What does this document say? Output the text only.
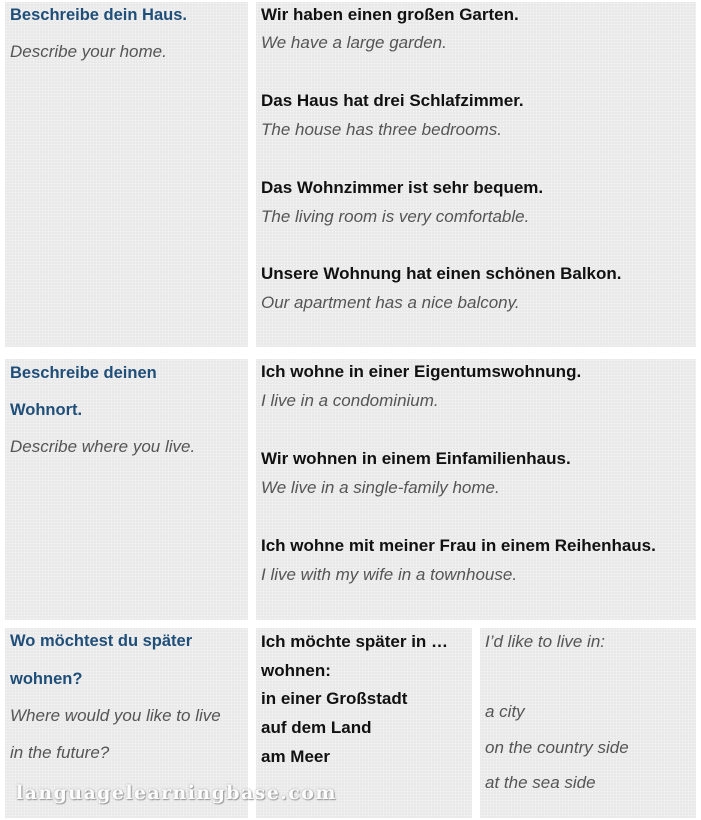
Beschreibe dein Haus.
Describe your home.
Wir haben einen großen Garten.
We have a large garden.
Das Haus hat drei Schlafzimmer.
The house has three bedrooms.
Das Wohnzimmer ist sehr bequem.
The living room is very comfortable.
Unsere Wohnung hat einen schönen Balkon.
Our apartment has a nice balcony.
Beschreibe deinen
Wohnort.
Describe where you live.
Ich wohne in einer Eigentumswohnung.
I live in a condominium.
Wir wohnen in einem Einfamilienhaus.
We live in a single-family home.
Ich wohne mit meiner Frau in einem Reihenhaus.
I live with my wife in a townhouse.
Wo möchtest du später
wohnen?
Where would you like to live
in the future?
Ich möchte später in …
wohnen:
in einer Großstadt
auf dem Land
am Meer
I’d like to live in:
a city
on the country side
at the sea side
languagelearningbase.com
